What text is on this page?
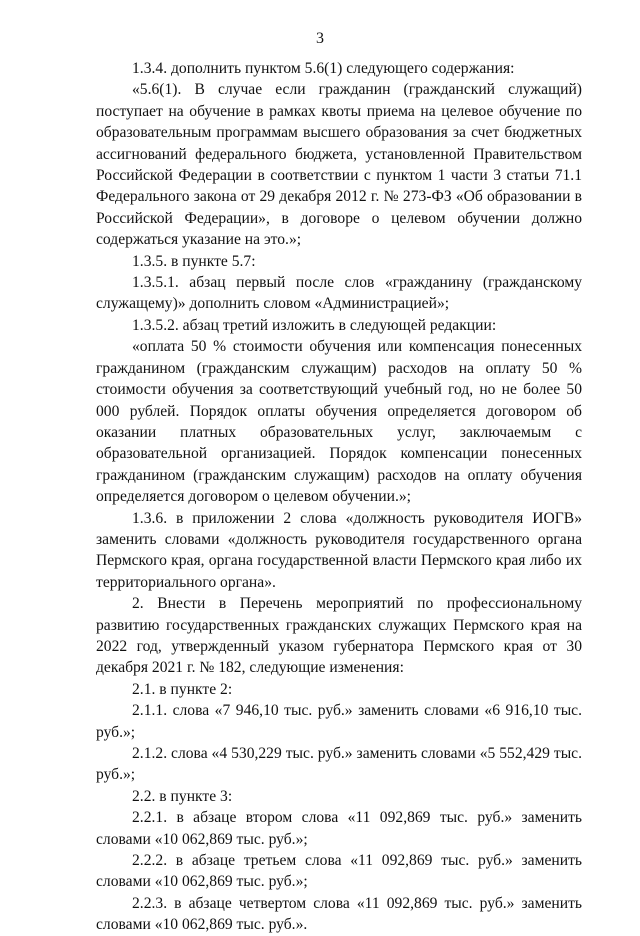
3

1.3.4. дополнить пунктом 5.6(1) следующего содержания:

«5.6(1). В случае если гражданин (гражданский служащий) поступает на обучение в рамках квоты приема на целевое обучение по образовательным программам высшего образования за счет бюджетных ассигнований федерального бюджета, установленной Правительством Российской Федерации в соответствии с пунктом 1 части 3 статьи 71.1 Федерального закона от 29 декабря 2012 г. № 273-ФЗ «Об образовании в Российской Федерации», в договоре о целевом обучении должно содержаться указание на это.»;

1.3.5. в пункте 5.7:

1.3.5.1. абзац первый после слов «гражданину (гражданскому служащему)» дополнить словом «Администрацией»;

1.3.5.2. абзац третий изложить в следующей редакции:

«оплата 50 % стоимости обучения или компенсация понесенных гражданином (гражданским служащим) расходов на оплату 50 % стоимости обучения за соответствующий учебный год, но не более 50 000 рублей. Порядок оплаты обучения определяется договором об оказании платных образовательных услуг, заключаемым с образовательной организацией. Порядок компенсации понесенных гражданином (гражданским служащим) расходов на оплату обучения определяется договором о целевом обучении.»;

1.3.6. в приложении 2 слова «должность руководителя ИОГВ» заменить словами «должность руководителя государственного органа Пермского края, органа государственной власти Пермского края либо их территориального органа».

2. Внести в Перечень мероприятий по профессиональному развитию государственных гражданских служащих Пермского края на 2022 год, утвержденный указом губернатора Пермского края от 30 декабря 2021 г. № 182, следующие изменения:

2.1. в пункте 2:

2.1.1. слова «7 946,10 тыс. руб.» заменить словами «6 916,10 тыс. руб.»;

2.1.2. слова «4 530,229 тыс. руб.» заменить словами «5 552,429 тыс. руб.»;

2.2. в пункте 3:

2.2.1. в абзаце втором слова «11 092,869 тыс. руб.» заменить словами «10 062,869 тыс. руб.»;

2.2.2. в абзаце третьем слова «11 092,869 тыс. руб.» заменить словами «10 062,869 тыс. руб.»;

2.2.3. в абзаце четвертом слова «11 092,869 тыс. руб.» заменить словами «10 062,869 тыс. руб.».
